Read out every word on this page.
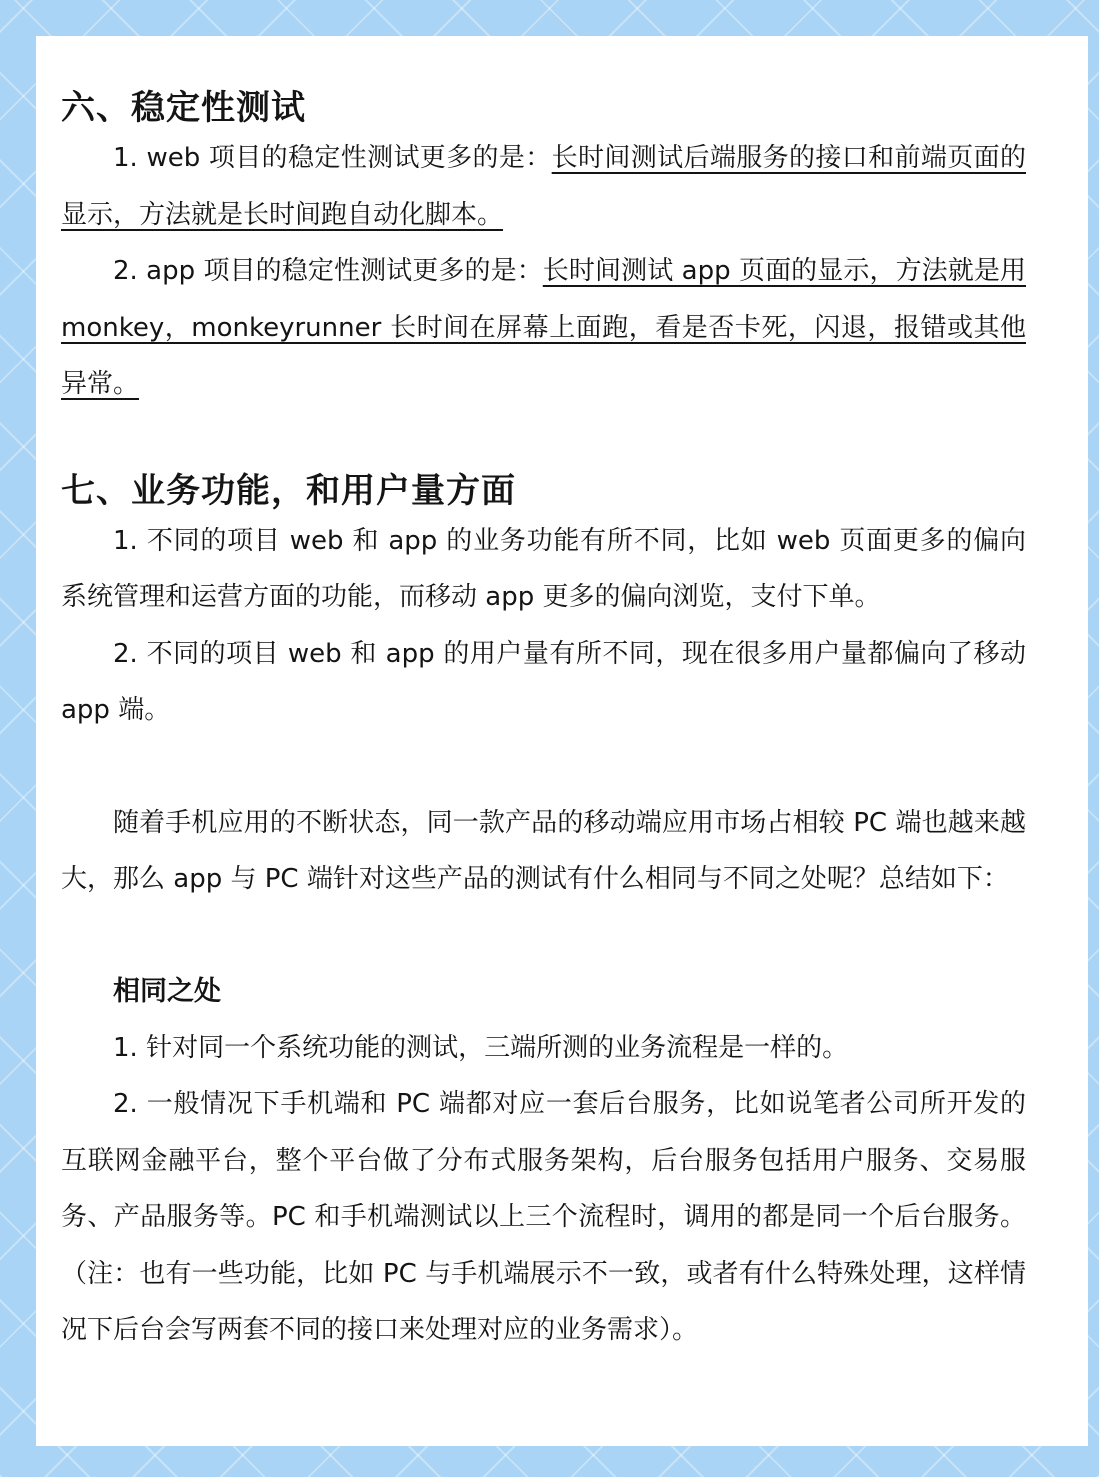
六、稳定性测试

1. web 项目的稳定性测试更多的是：长时间测试后端服务的接口和前端页面的显示，方法就是长时间跑自动化脚本。

2. app 项目的稳定性测试更多的是：长时间测试 app 页面的显示，方法就是用 monkey，monkeyrunner 长时间在屏幕上面跑，看是否卡死，闪退，报错或其他异常。

七、业务功能，和用户量方面

1. 不同的项目 web 和 app 的业务功能有所不同，比如 web 页面更多的偏向系统管理和运营方面的功能，而移动 app 更多的偏向浏览，支付下单。

2. 不同的项目 web 和 app 的用户量有所不同，现在很多用户量都偏向了移动 app 端。

随着手机应用的不断状态，同一款产品的移动端应用市场占相较 PC 端也越来越大，那么 app 与 PC 端针对这些产品的测试有什么相同与不同之处呢？总结如下：

相同之处

1. 针对同一个系统功能的测试，三端所测的业务流程是一样的。

2. 一般情况下手机端和 PC 端都对应一套后台服务，比如说笔者公司所开发的互联网金融平台，整个平台做了分布式服务架构，后台服务包括用户服务、交易服务、产品服务等。PC 和手机端测试以上三个流程时，调用的都是同一个后台服务。（注：也有一些功能，比如 PC 与手机端展示不一致，或者有什么特殊处理，这样情况下后台会写两套不同的接口来处理对应的业务需求）。
